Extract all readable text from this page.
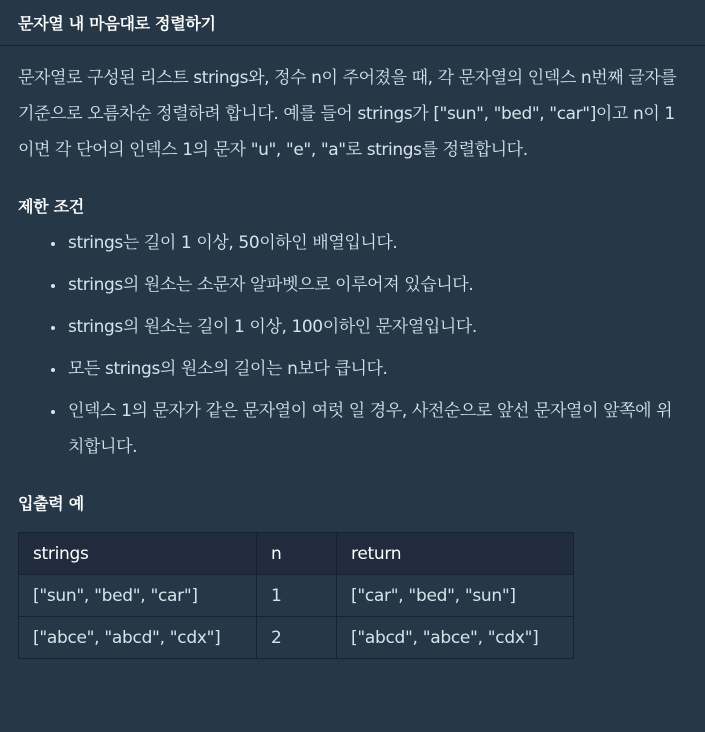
문자열 내 마음대로 정렬하기

문자열로 구성된 리스트 strings와, 정수 n이 주어졌을 때, 각 문자열의 인덱스 n번째 글자를 기준으로 오름차순 정렬하려 합니다. 예를 들어 strings가 ["sun", "bed", "car"]이고 n이 1이면 각 단어의 인덱스 1의 문자 "u", "e", "a"로 strings를 정렬합니다.

제한 조건
• strings는 길이 1 이상, 50이하인 배열입니다.
• strings의 원소는 소문자 알파벳으로 이루어져 있습니다.
• strings의 원소는 길이 1 이상, 100이하인 문자열입니다.
• 모든 strings의 원소의 길이는 n보다 큽니다.
• 인덱스 1의 문자가 같은 문자열이 여럿 일 경우, 사전순으로 앞선 문자열이 앞쪽에 위치합니다.
입출력 예
strings	n	return
["sun", "bed", "car"]	1	["car", "bed", "sun"]
["abce", "abcd", "cdx"]	2	["abcd", "abce", "cdx"]
